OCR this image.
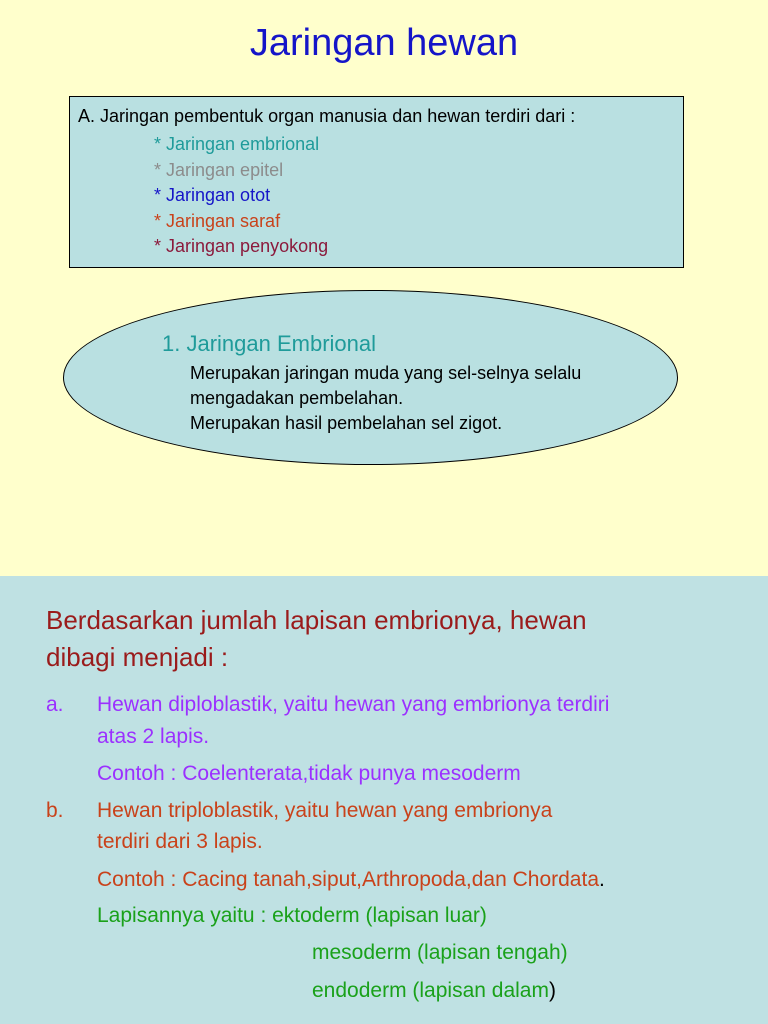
Jaringan hewan
A. Jaringan pembentuk organ manusia dan hewan terdiri dari :
* Jaringan embrional
* Jaringan epitel
* Jaringan otot
* Jaringan saraf
* Jaringan penyokong
1. Jaringan Embrional
Merupakan jaringan muda yang sel-selnya selalu
mengadakan pembelahan.
Merupakan hasil pembelahan sel zigot.
Berdasarkan jumlah lapisan embrionya, hewan
dibagi menjadi :
a. Hewan diploblastik, yaitu hewan yang embrionya terdiri
atas 2 lapis.
Contoh : Coelenterata,tidak punya mesoderm
b. Hewan triploblastik, yaitu hewan yang embrionya
terdiri dari 3 lapis.
Contoh : Cacing tanah,siput,Arthropoda,dan Chordata.
Lapisannya yaitu : ektoderm (lapisan luar)
mesoderm (lapisan tengah)
endoderm (lapisan dalam)
